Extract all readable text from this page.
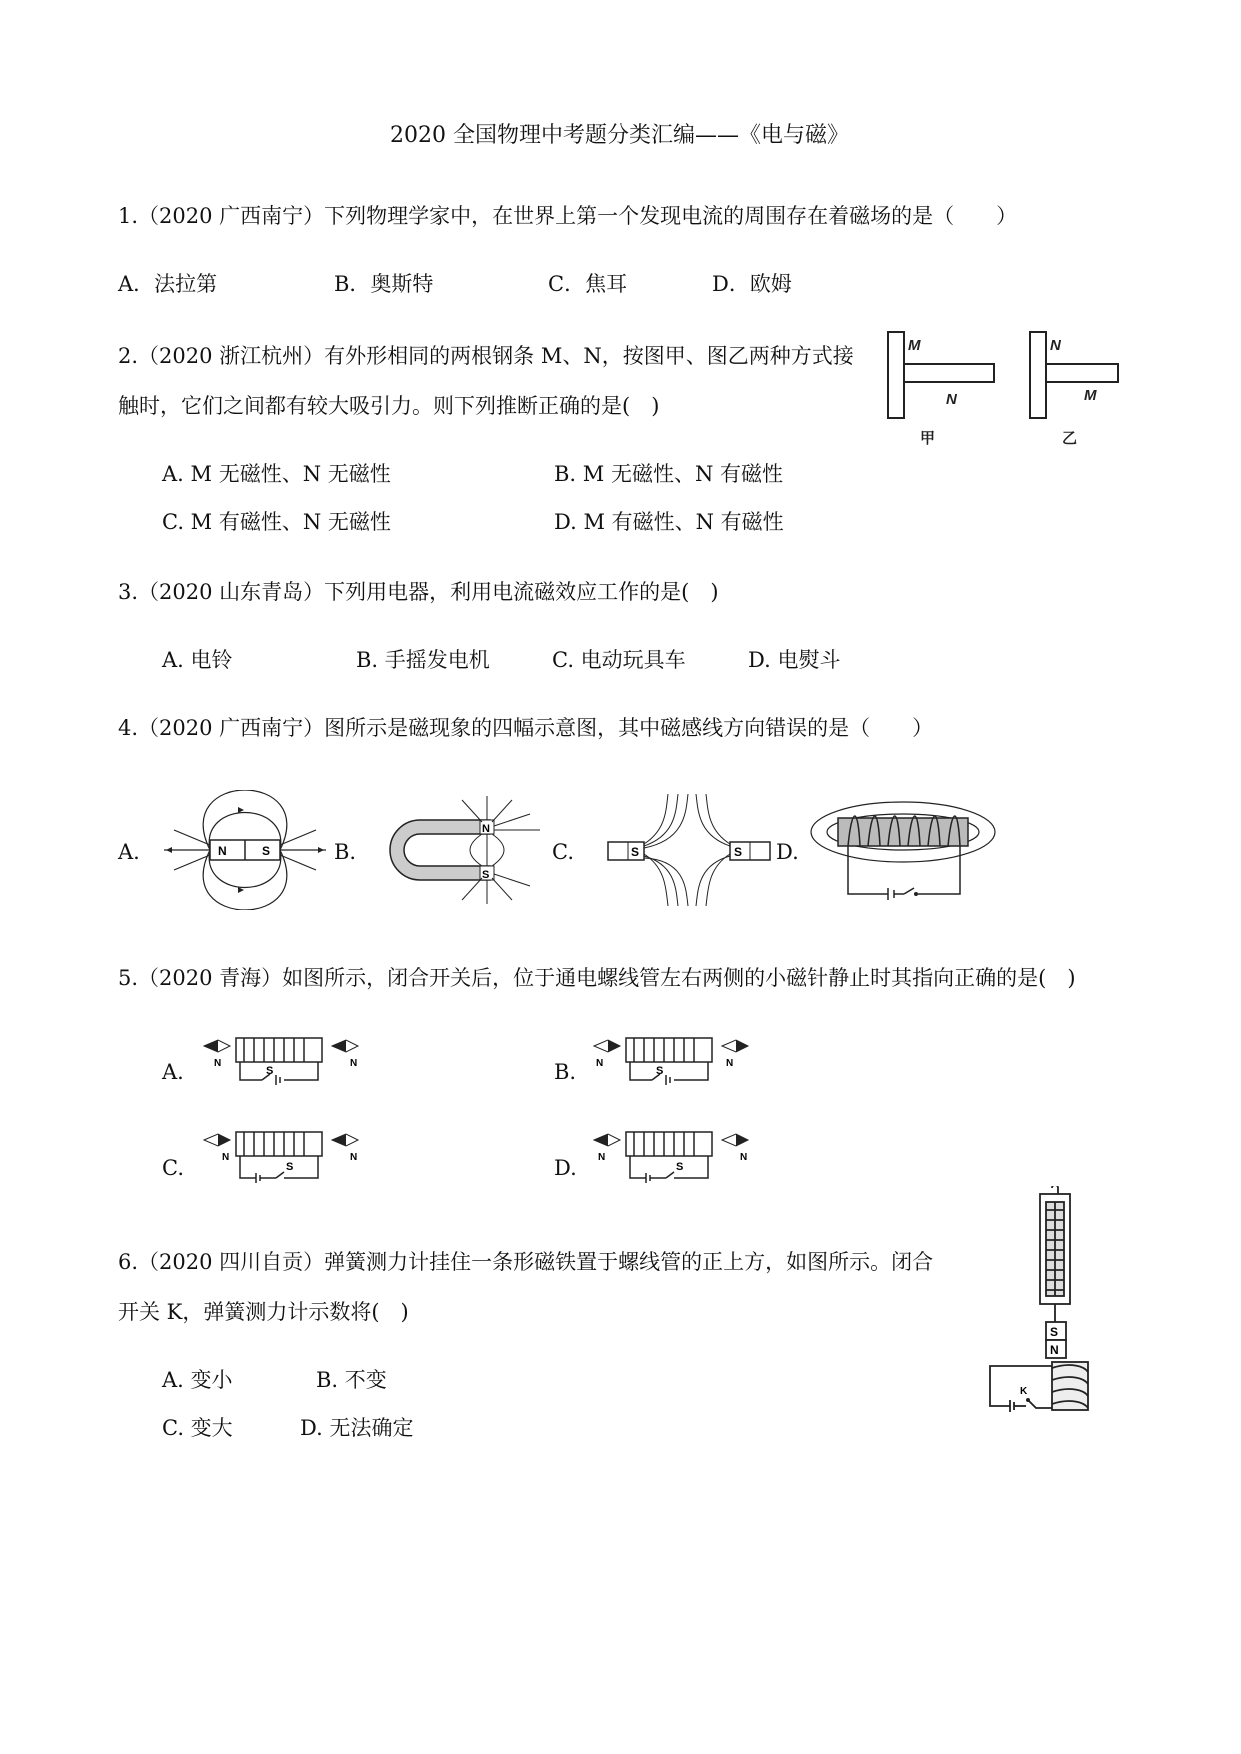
2020 全国物理中考题分类汇编——《电与磁》
1.（2020 广西南宁）下列物理学家中，在世界上第一个发现电流的周围存在着磁场的是（　　）
A．法拉第	B．奥斯特	C．焦耳	D．欧姆
2.（2020 浙江杭州）有外形相同的两根钢条 M、N，按图甲、图乙两种方式接
触时，它们之间都有较大吸引力。则下列推断正确的是(　)
A. M 无磁性、N 无磁性	B. M 无磁性、N 有磁性
C. M 有磁性、N 无磁性	D. M 有磁性、N 有磁性
M
N
N
M
甲	乙
3.（2020 山东青岛）下列用电器，利用电流磁效应工作的是(　)
A. 电铃	B. 手摇发电机	C. 电动玩具车	D. 电熨斗
4.（2020 广西南宁）图所示是磁现象的四幅示意图，其中磁感线方向错误的是（　　）
A.	B.	C.	D.
N	S
N
S
S	S
5.（2020 青海）如图所示，闭合开关后，位于通电螺线管左右两侧的小磁针静止时其指向正确的是(　)
A.	B.
C.	D.
S
N	N
S
N	N
S
N	N
S
N	N
6.（2020 四川自贡）弹簧测力计挂住一条形磁铁置于螺线管的正上方，如图所示。闭合
开关 K，弹簧测力计示数将(　)
A. 变小	B. 不变
C. 变大	D. 无法确定
S
N
K
